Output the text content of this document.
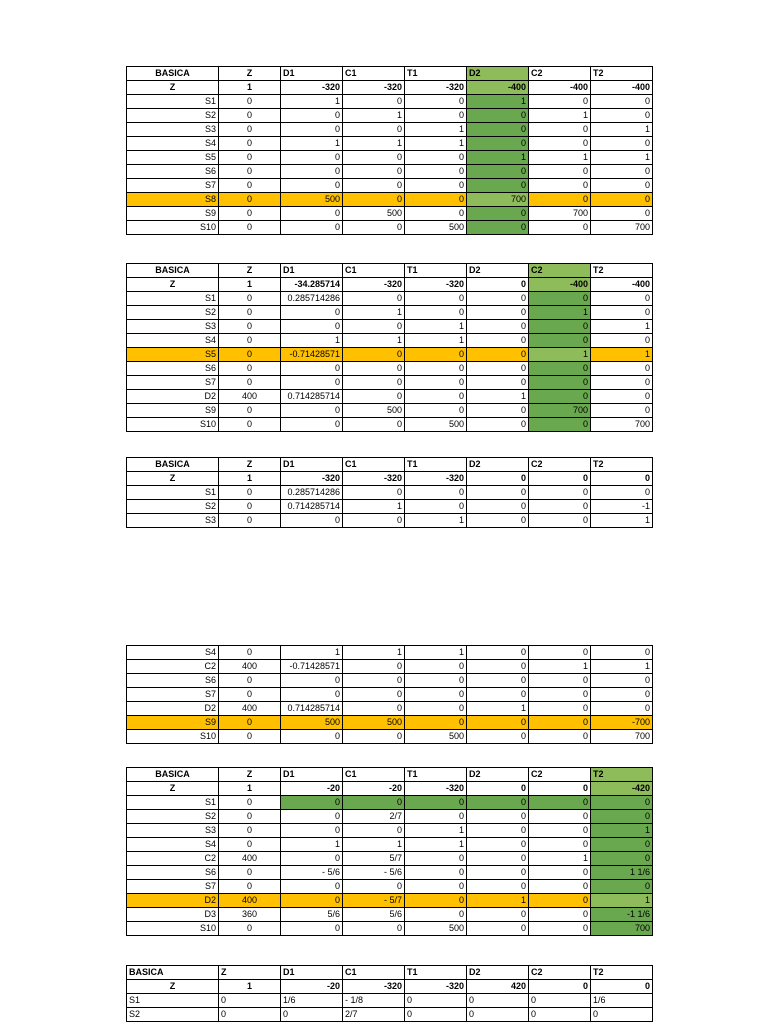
BASICA	Z	D1	C1	T1	D2	C2	T2
Z	1	-320	-320	-320	-400	-400	-400
S1	0	1	0	0	1	0	0
S2	0	0	1	0	0	1	0
S3	0	0	0	1	0	0	1
S4	0	1	1	1	0	0	0
S5	0	0	0	0	1	1	1
S6	0	0	0	0	0	0	0
S7	0	0	0	0	0	0	0
S8	0	500	0	0	700	0	0
S9	0	0	500	0	0	700	0
S10	0	0	0	500	0	0	700
BASICA	Z	D1	C1	T1	D2	C2	T2
Z	1	-34.285714	-320	-320	0	-400	-400
S1	0	0.285714286	0	0	0	0	0
S2	0	0	1	0	0	1	0
S3	0	0	0	1	0	0	1
S4	0	1	1	1	0	0	0
S5	0	-0.71428571	0	0	0	1	1
S6	0	0	0	0	0	0	0
S7	0	0	0	0	0	0	0
D2	400	0.714285714	0	0	1	0	0
S9	0	0	500	0	0	700	0
S10	0	0	0	500	0	0	700
BASICA	Z	D1	C1	T1	D2	C2	T2
Z	1	-320	-320	-320	0	0	0
S1	0	0.285714286	0	0	0	0	0
S2	0	0.714285714	1	0	0	0	-1
S3	0	0	0	1	0	0	1
S4	0	1	1	1	0	0	0
C2	400	-0.71428571	0	0	0	1	1
S6	0	0	0	0	0	0	0
S7	0	0	0	0	0	0	0
D2	400	0.714285714	0	0	1	0	0
S9	0	500	500	0	0	0	-700
S10	0	0	0	500	0	0	700
BASICA	Z	D1	C1	T1	D2	C2	T2
Z	1	-20	-20	-320	0	0	-420
S1	0	0	0	0	0	0	0
S2	0	0	2/7	0	0	0	0
S3	0	0	0	1	0	0	1
S4	0	1	1	1	0	0	0
C2	400	0	5/7	0	0	1	0
S6	0	- 5/6	- 5/6	0	0	0	1 1/6
S7	0	0	0	0	0	0	0
D2	400	0	- 5/7	0	1	0	1
D3	360	5/6	5/6	0	0	0	-1 1/6
S10	0	0	0	500	0	0	700
BASICA	Z	D1	C1	T1	D2	C2	T2
Z	1	-20	-320	-320	420	0	0
S1	0	1/6	- 1/8	0	0	0	1/6
S2	0	0	2/7	0	0	0	0
